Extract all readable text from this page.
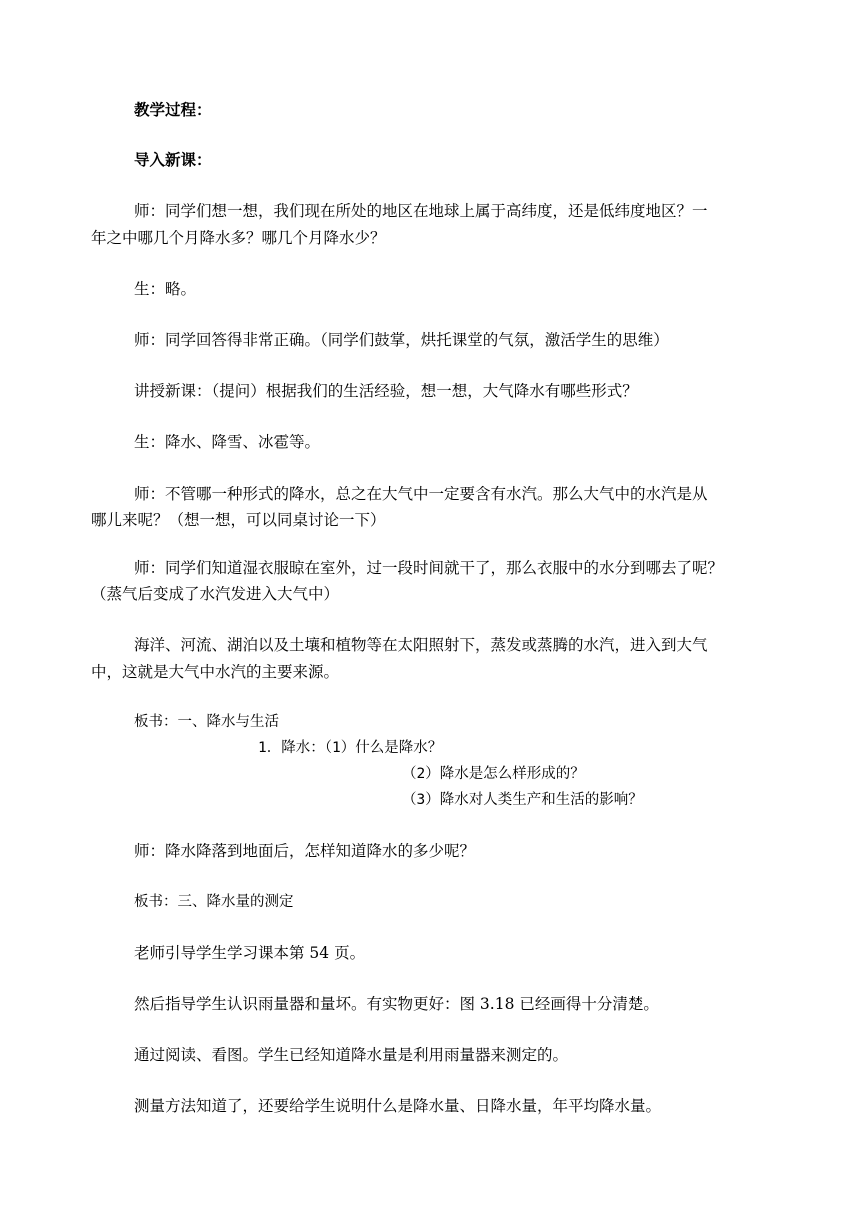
教学过程：
导入新课：
师：同学们想一想，我们现在所处的地区在地球上属于高纬度，还是低纬度地区？一
年之中哪几个月降水多？哪几个月降水少？
生：略。
师：同学回答得非常正确。（同学们鼓掌，烘托课堂的气氛，激活学生的思维）
讲授新课：（提问）根据我们的生活经验，想一想，大气降水有哪些形式？
生：降水、降雪、冰雹等。
师：不管哪一种形式的降水，总之在大气中一定要含有水汽。那么大气中的水汽是从
哪儿来呢？（想一想，可以同桌讨论一下）
师：同学们知道湿衣服晾在室外，过一段时间就干了，那么衣服中的水分到哪去了呢？
（蒸气后变成了水汽发进入大气中）
海洋、河流、湖泊以及土壤和植物等在太阳照射下，蒸发或蒸腾的水汽，进入到大气
中，这就是大气中水汽的主要来源。
板书：一、降水与生活
1．降水：（1）什么是降水？
（2）降水是怎么样形成的？
（3）降水对人类生产和生活的影响？
师：降水降落到地面后，怎样知道降水的多少呢？
板书：三、降水量的测定
老师引导学生学习课本第 54 页。
然后指导学生认识雨量器和量坏。有实物更好：图 3.18 已经画得十分清楚。
通过阅读、看图。学生已经知道降水量是利用雨量器来测定的。
测量方法知道了，还要给学生说明什么是降水量、日降水量，年平均降水量。
